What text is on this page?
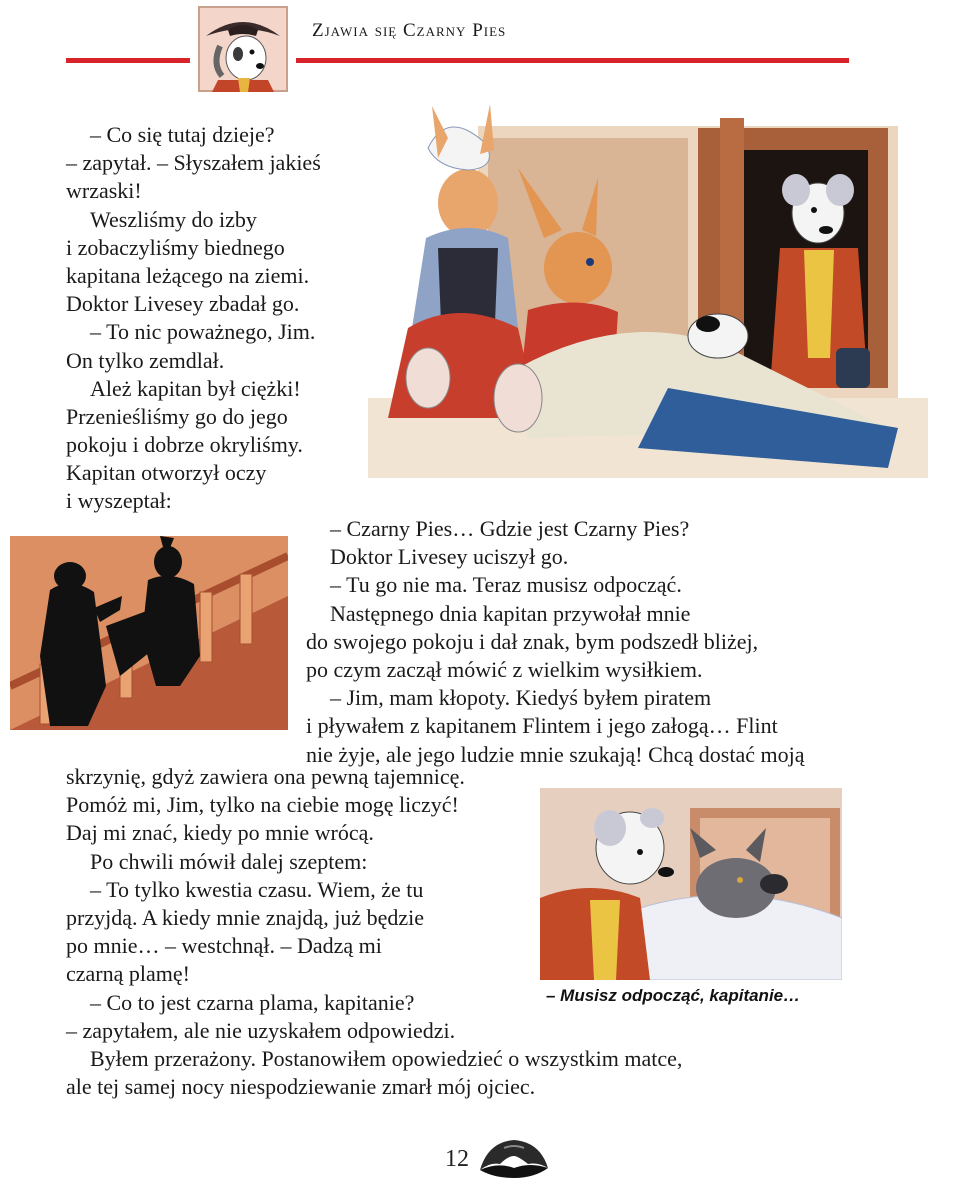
Zjawia się Czarny Pies
– Co się tutaj dzieje?
– zapytał. – Słyszałem jakieś
wrzaski!
Weszliśmy do izby
i zobaczyliśmy biednego
kapitana leżącego na ziemi.
Doktor Livesey zbadał go.
– To nic poważnego, Jim.
On tylko zemdlał.
Ależ kapitan był ciężki!
Przenieśliśmy go do jego
pokoju i dobrze okryliśmy.
Kapitan otworzył oczy
i wyszeptał:
– Czarny Pies… Gdzie jest Czarny Pies?
Doktor Livesey uciszył go.
– Tu go nie ma. Teraz musisz odpocząć.
Następnego dnia kapitan przywołał mnie
do swojego pokoju i dał znak, bym podszedł bliżej,
po czym zaczął mówić z wielkim wysiłkiem.
– Jim, mam kłopoty. Kiedyś byłem piratem
i pływałem z kapitanem Flintem i jego załogą… Flint
nie żyje, ale jego ludzie mnie szukają! Chcą dostać moją
skrzynię, gdyż zawiera ona pewną tajemnicę.
Pomóż mi, Jim, tylko na ciebie mogę liczyć!
Daj mi znać, kiedy po mnie wrócą.
Po chwili mówił dalej szeptem:
– To tylko kwestia czasu. Wiem, że tu
przyjdą. A kiedy mnie znajdą, już będzie
po mnie… – westchnął. – Dadzą mi
czarną plamę!
– Co to jest czarna plama, kapitanie?
– zapytałem, ale nie uzyskałem odpowiedzi.
Byłem przerażony. Postanowiłem opowiedzieć o wszystkim matce,
ale tej samej nocy niespodziewanie zmarł mój ojciec.
– Musisz odpocząć, kapitanie…
12
